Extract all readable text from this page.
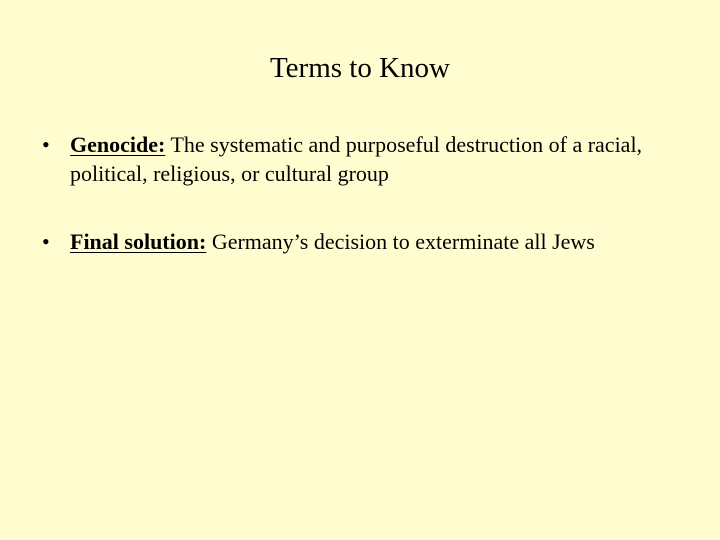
Terms to Know
• Genocide: The systematic and purposeful destruction of a racial, political, religious, or cultural group
• Final solution: Germany’s decision to exterminate all Jews
